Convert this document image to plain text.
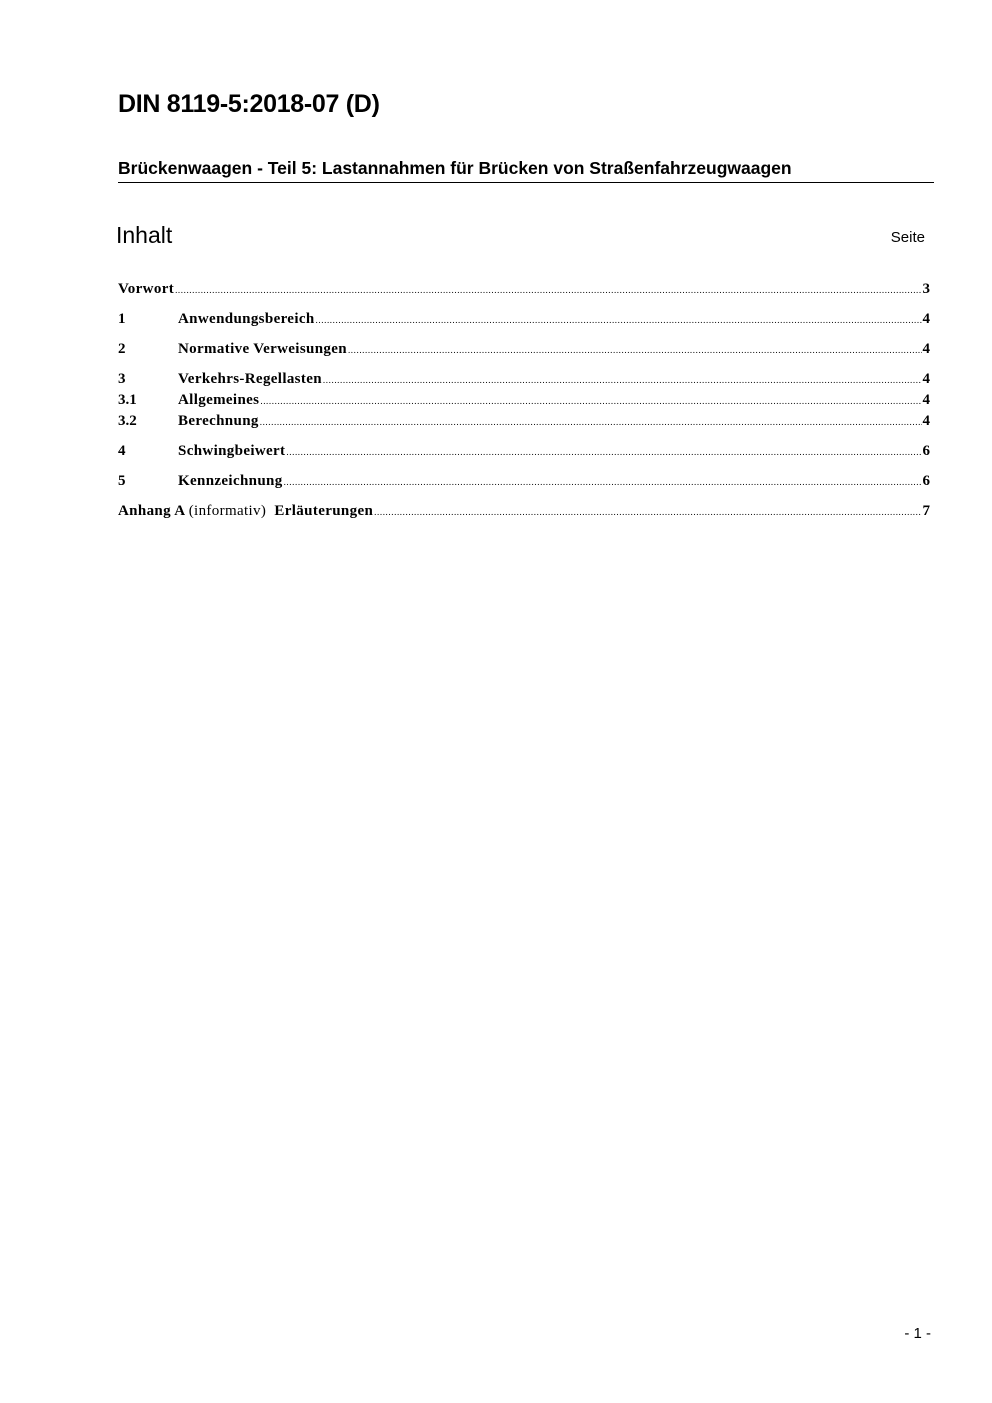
DIN 8119-5:2018-07 (D)
Brückenwaagen - Teil 5: Lastannahmen für Brücken von Straßenfahrzeugwaagen
Inhalt	Seite
Vorwort .....	3
1	Anwendungsbereich .....	4
2	Normative Verweisungen .....	4
3	Verkehrs-Regellasten .....	4
3.1	Allgemeines .....	4
3.2	Berechnung .....	4
4	Schwingbeiwert .....	6
5	Kennzeichnung .....	6
Anhang A (informativ) Erläuterungen .....	7
- 1 -
